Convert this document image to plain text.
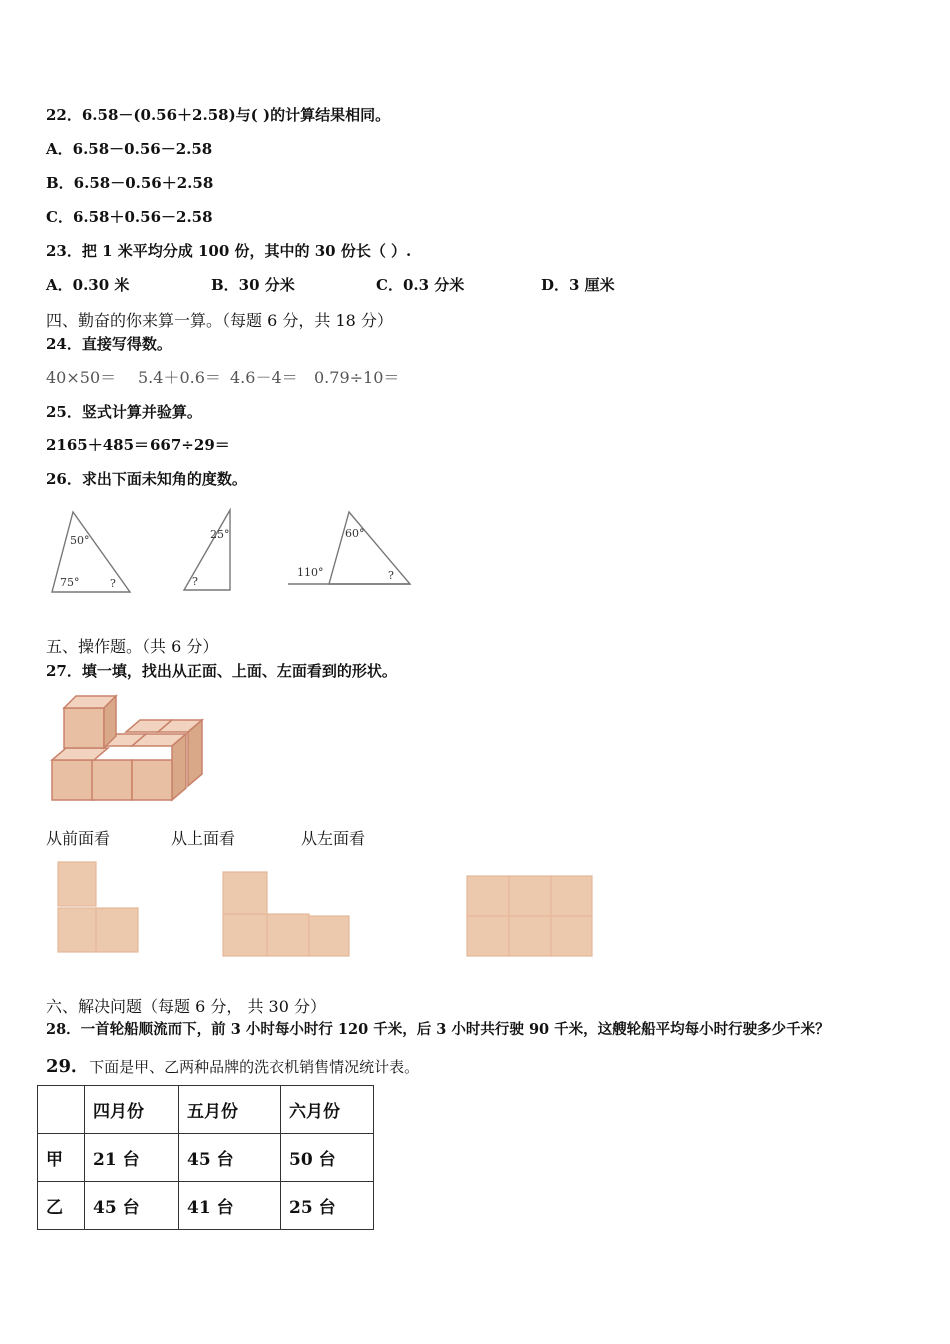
22．6.58－(0.56＋2.58)与( )的计算结果相同。
A．6.58－0.56－2.58
B．6.58－0.56＋2.58
C．6.58＋0.56－2.58
23．把 1 米平均分成 100 份，其中的 30 份长（ ）.
A．0.30 米	B．30 分米	C．0.3 分米	D．3 厘米
四、勤奋的你来算一算。（每题 6 分，共 18 分）
24．直接写得数。
40×50＝ 5.4＋0.6＝ 4.6－4＝ 0.79÷10＝
25．竖式计算并验算。
2165＋485＝667÷29＝
26．求出下面未知角的度数。
50°
75°	?
25°
?
60°
110°	?
五、操作题。（共 6 分）
27．填一填，找出从正面、上面、左面看到的形状。
从前面看	从上面看	从左面看
六、解决问题（每题 6 分， 共 30 分）
28．一首轮船顺流而下，前 3 小时每小时行 120 千米，后 3 小时共行驶 90 千米，这艘轮船平均每小时行驶多少千米？
29．下面是甲、乙两种品牌的洗衣机销售情况统计表。
	四月份	五月份	六月份
甲	21 台	45 台	50 台
乙	45 台	41 台	25 台
